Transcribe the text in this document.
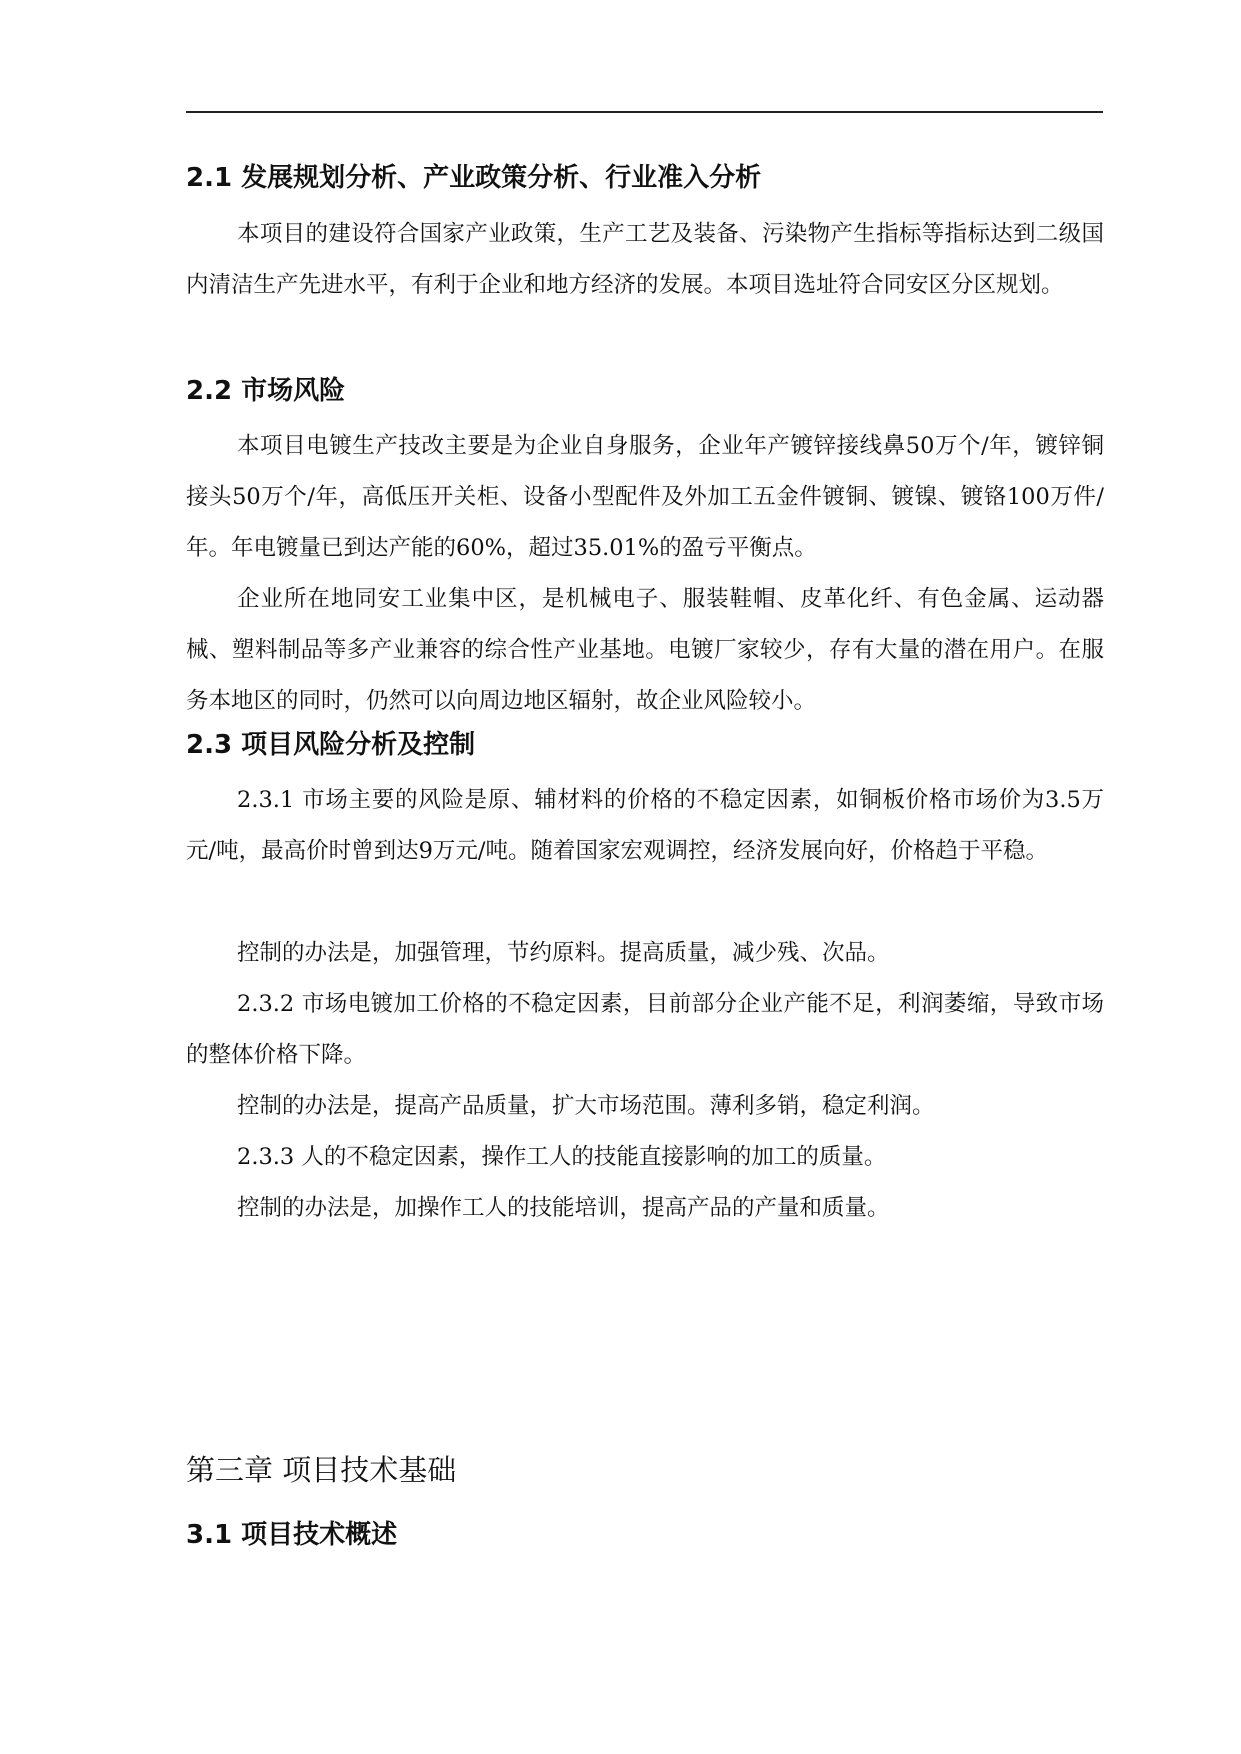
2.1 发展规划分析、产业政策分析、行业准入分析
本项目的建设符合国家产业政策，生产工艺及装备、污染物产生指标等指标达到二级国内清洁生产先进水平，有利于企业和地方经济的发展。本项目选址符合同安区分区规划。
2.2 市场风险
本项目电镀生产技改主要是为企业自身服务，企业年产镀锌接线鼻50万个/年，镀锌铜接头50万个/年，高低压开关柜、设备小型配件及外加工五金件镀铜、镀镍、镀铬100万件/年。年电镀量已到达产能的60%，超过35.01%的盈亏平衡点。
企业所在地同安工业集中区，是机械电子、服装鞋帽、皮革化纤、有色金属、运动器械、塑料制品等多产业兼容的综合性产业基地。电镀厂家较少，存有大量的潜在用户。在服务本地区的同时，仍然可以向周边地区辐射，故企业风险较小。
2.3 项目风险分析及控制
2.3.1 市场主要的风险是原、辅材料的价格的不稳定因素，如铜板价格市场价为3.5万元/吨，最高价时曾到达9万元/吨。随着国家宏观调控，经济发展向好，价格趋于平稳。
控制的办法是，加强管理，节约原料。提高质量，减少残、次品。
2.3.2 市场电镀加工价格的不稳定因素，目前部分企业产能不足，利润萎缩，导致市场的整体价格下降。
控制的办法是，提高产品质量，扩大市场范围。薄利多销，稳定利润。
2.3.3 人的不稳定因素，操作工人的技能直接影响的加工的质量。
控制的办法是，加操作工人的技能培训，提高产品的产量和质量。
第三章 项目技术基础
3.1 项目技术概述
